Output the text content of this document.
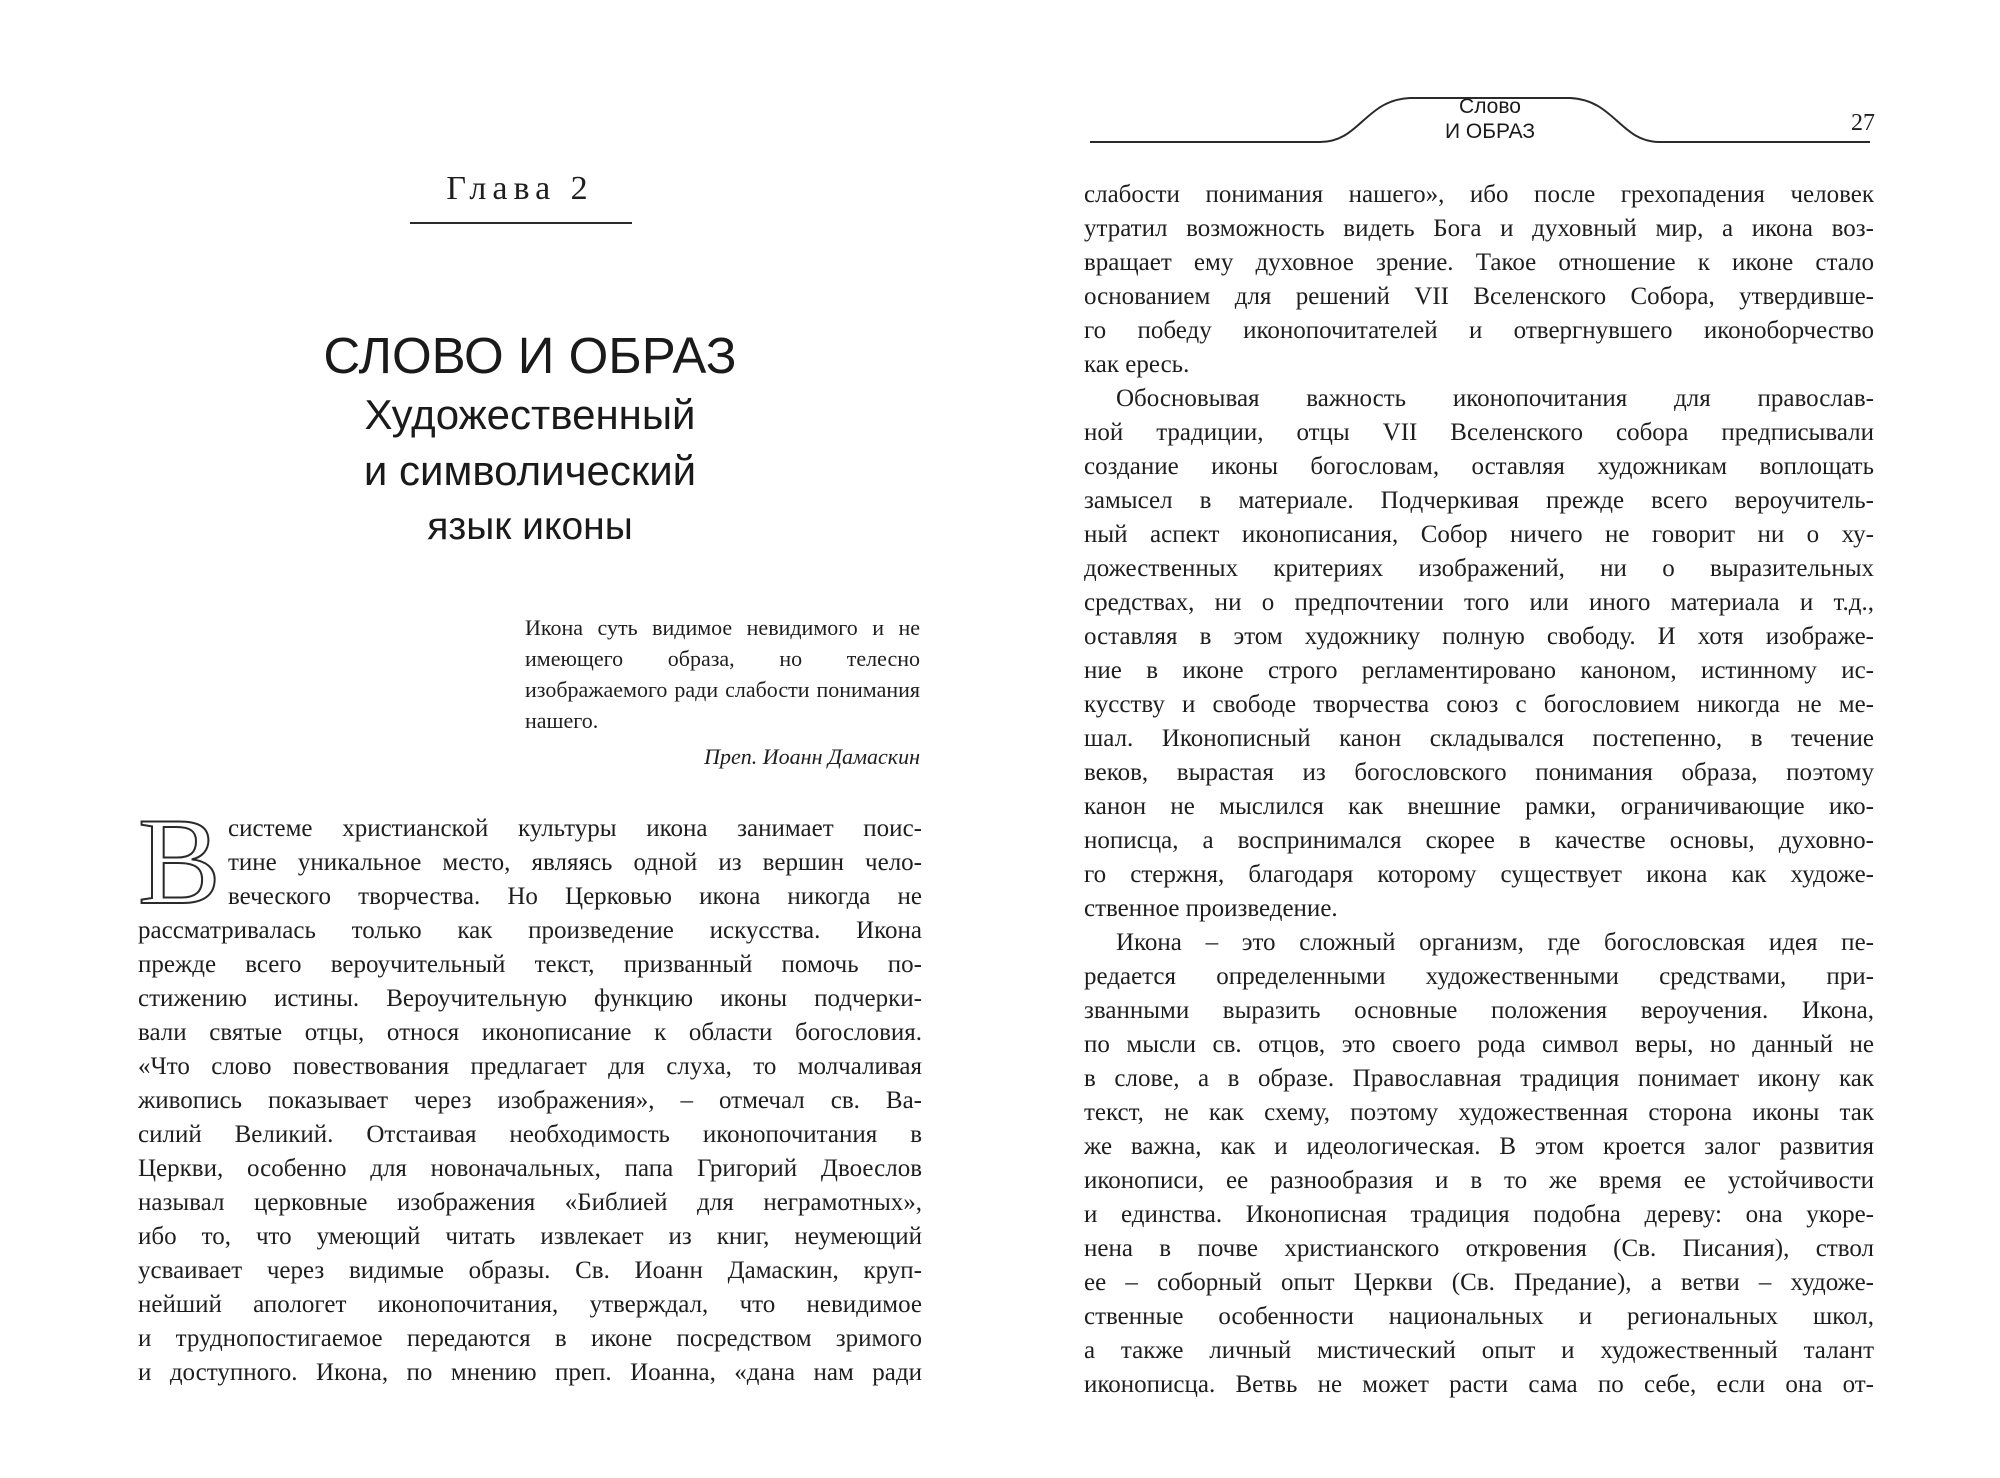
Глава 2
СЛОВО И ОБРАЗ
Художественный
и символический
язык иконы
Икона суть видимое невидимого и не имеющего образа, но телесно изображаемого ради слабости понимания нашего.
Преп. Иоанн Дамаскин
В системе христианской культуры икона занимает поис-
тине уникальное место, являясь одной из вершин чело-
веческого творчества. Но Церковью икона никогда не
рассматривалась только как произведение искусства. Икона
прежде всего вероучительный текст, призванный помочь по-
стижению истины. Вероучительную функцию иконы подчерки-
вали святые отцы, относя иконописание к области богословия.
«Что слово повествования предлагает для слуха, то молчаливая
живопись показывает через изображения», – отмечал св. Ва-
силий Великий. Отстаивая необходимость иконопочитания в
Церкви, особенно для новоначальных, папа Григорий Двоеслов
называл церковные изображения «Библией для неграмотных»,
ибо то, что умеющий читать извлекает из книг, неумеющий
усваивает через видимые образы. Св. Иоанн Дамаскин, круп-
нейший апологет иконопочитания, утверждал, что невидимое
и труднопостигаемое передаются в иконе посредством зримого
и доступного. Икона, по мнению преп. Иоанна, «дана нам ради
Слово
И ОБРАЗ	27
слабости понимания нашего», ибо после грехопадения человек
утратил возможность видеть Бога и духовный мир, а икона воз-
вращает ему духовное зрение. Такое отношение к иконе стало
основанием для решений VII Вселенского Собора, утвердивше-
го победу иконопочитателей и отвергнувшего иконоборчество
как ересь.
Обосновывая важность иконопочитания для православ-
ной традиции, отцы VII Вселенского собора предписывали
создание иконы богословам, оставляя художникам воплощать
замысел в материале. Подчеркивая прежде всего вероучитель-
ный аспект иконописания, Собор ничего не говорит ни о ху-
дожественных критериях изображений, ни о выразительных
средствах, ни о предпочтении того или иного материала и т.д.,
оставляя в этом художнику полную свободу. И хотя изображе-
ние в иконе строго регламентировано каноном, истинному ис-
кусству и свободе творчества союз с богословием никогда не ме-
шал. Иконописный канон складывался постепенно, в течение
веков, вырастая из богословского понимания образа, поэтому
канон не мыслился как внешние рамки, ограничивающие ико-
нописца, а воспринимался скорее в качестве основы, духовно-
го стержня, благодаря которому существует икона как художе-
ственное произведение.
Икона – это сложный организм, где богословская идея пе-
редается определенными художественными средствами, при-
званными выразить основные положения вероучения. Икона,
по мысли св. отцов, это своего рода символ веры, но данный не
в слове, а в образе. Православная традиция понимает икону как
текст, не как схему, поэтому художественная сторона иконы так
же важна, как и идеологическая. В этом кроется залог развития
иконописи, ее разнообразия и в то же время ее устойчивости
и единства. Иконописная традиция подобна дереву: она укоре-
нена в почве христианского откровения (Св. Писания), ствол
ее – соборный опыт Церкви (Св. Предание), а ветви – художе-
ственные особенности национальных и региональных школ,
а также личный мистический опыт и художественный талант
иконописца. Ветвь не может расти сама по себе, если она от-
